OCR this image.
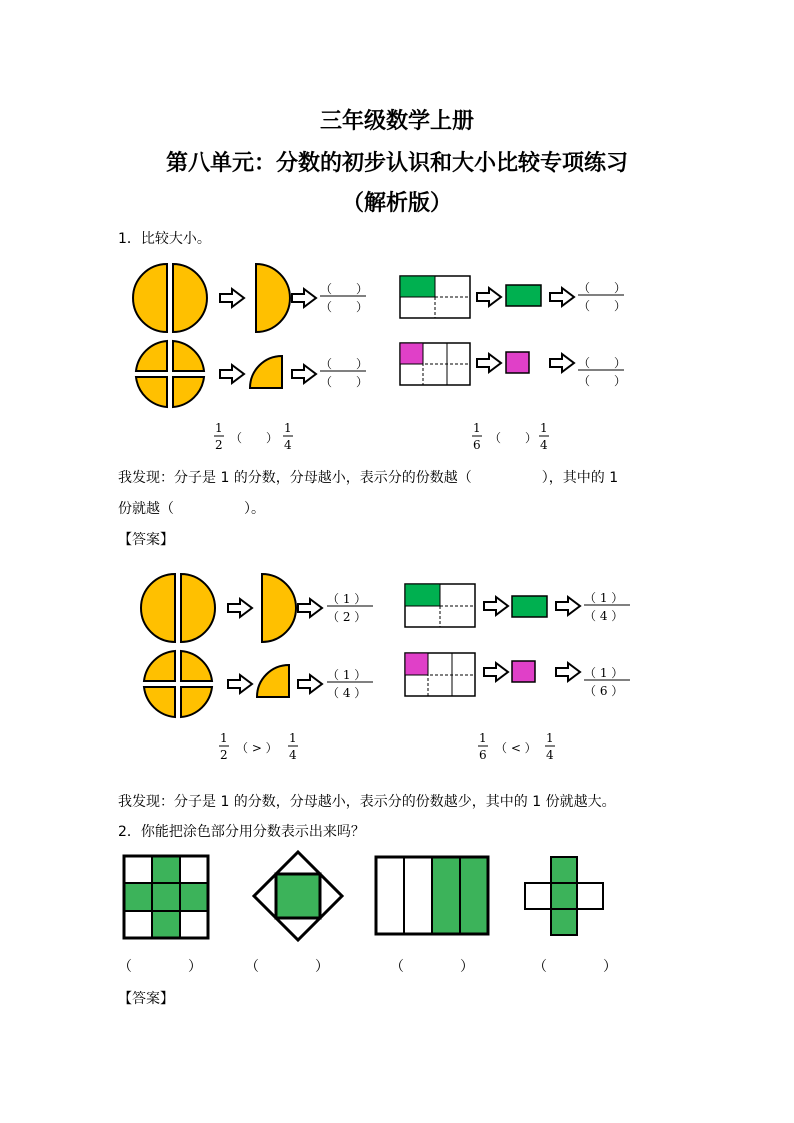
三年级数学上册
第八单元：分数的初步认识和大小比较专项练习
（解析版）
1．比较大小。
（　　）
（　　）
（　　）
（　　）
（　　）
（　　）
（　　）
（　　）
1
2 （　　）
1
4
1
6 （　　）
1
4
我发现：分子是 1 的分数，分母越小，表示分的份数越（　　　　　），其中的 1
份就越（　　　　　）。
【答案】
（ 1 ）
（ 2 ）
（ 1 ）
（ 4 ）
（ 1 ）
（ 4 ）
（ 1 ）
（ 6 ）
1
2 （ > ）
1
4
1
6 （ < ）
1
4
我发现：分子是 1 的分数，分母越小，表示分的份数越少，其中的 1 份就越大。
2．你能把涂色部分用分数表示出来吗？
（　　　　）	（　　　　）	（　　　　）	（　　　　）
【答案】
